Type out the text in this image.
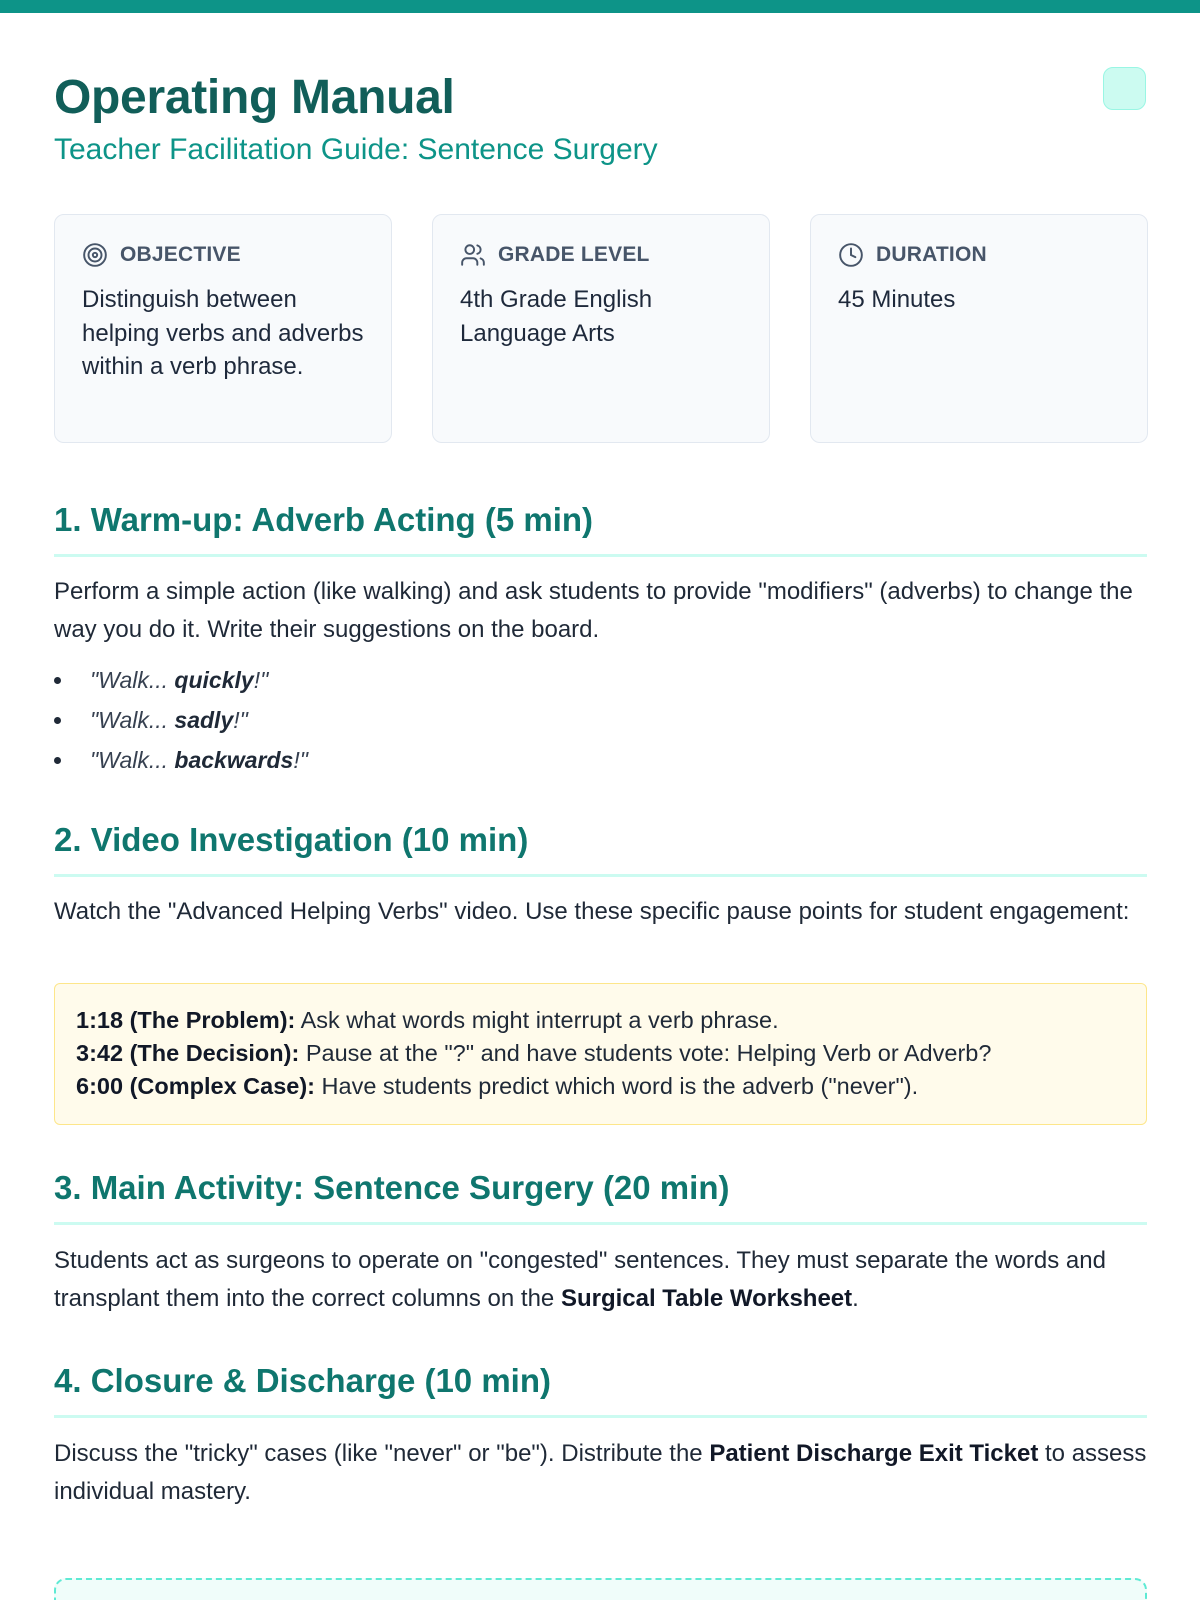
Operating Manual
Teacher Facilitation Guide: Sentence Surgery
OBJECTIVE
Distinguish between helping verbs and adverbs within a verb phrase.
GRADE LEVEL
4th Grade English Language Arts
DURATION
45 Minutes
1. Warm-up: Adverb Acting (5 min)

Perform a simple action (like walking) and ask students to provide "modifiers" (adverbs) to change the way you do it. Write their suggestions on the board.

"Walk... quickly!"
"Walk... sadly!"
"Walk... backwards!"
2. Video Investigation (10 min)

Watch the "Advanced Helping Verbs" video. Use these specific pause points for student engagement:

1:18 (The Problem): Ask what words might interrupt a verb phrase.
3:42 (The Decision): Pause at the "?" and have students vote: Helping Verb or Adverb?
6:00 (Complex Case): Have students predict which word is the adverb ("never").
3. Main Activity: Sentence Surgery (20 min)

Students act as surgeons to operate on "congested" sentences. They must separate the words and transplant them into the correct columns on the Surgical Table Worksheet.

4. Closure & Discharge (10 min)

Discuss the "tricky" cases (like "never" or "be"). Distribute the Patient Discharge Exit Ticket to assess individual mastery.
